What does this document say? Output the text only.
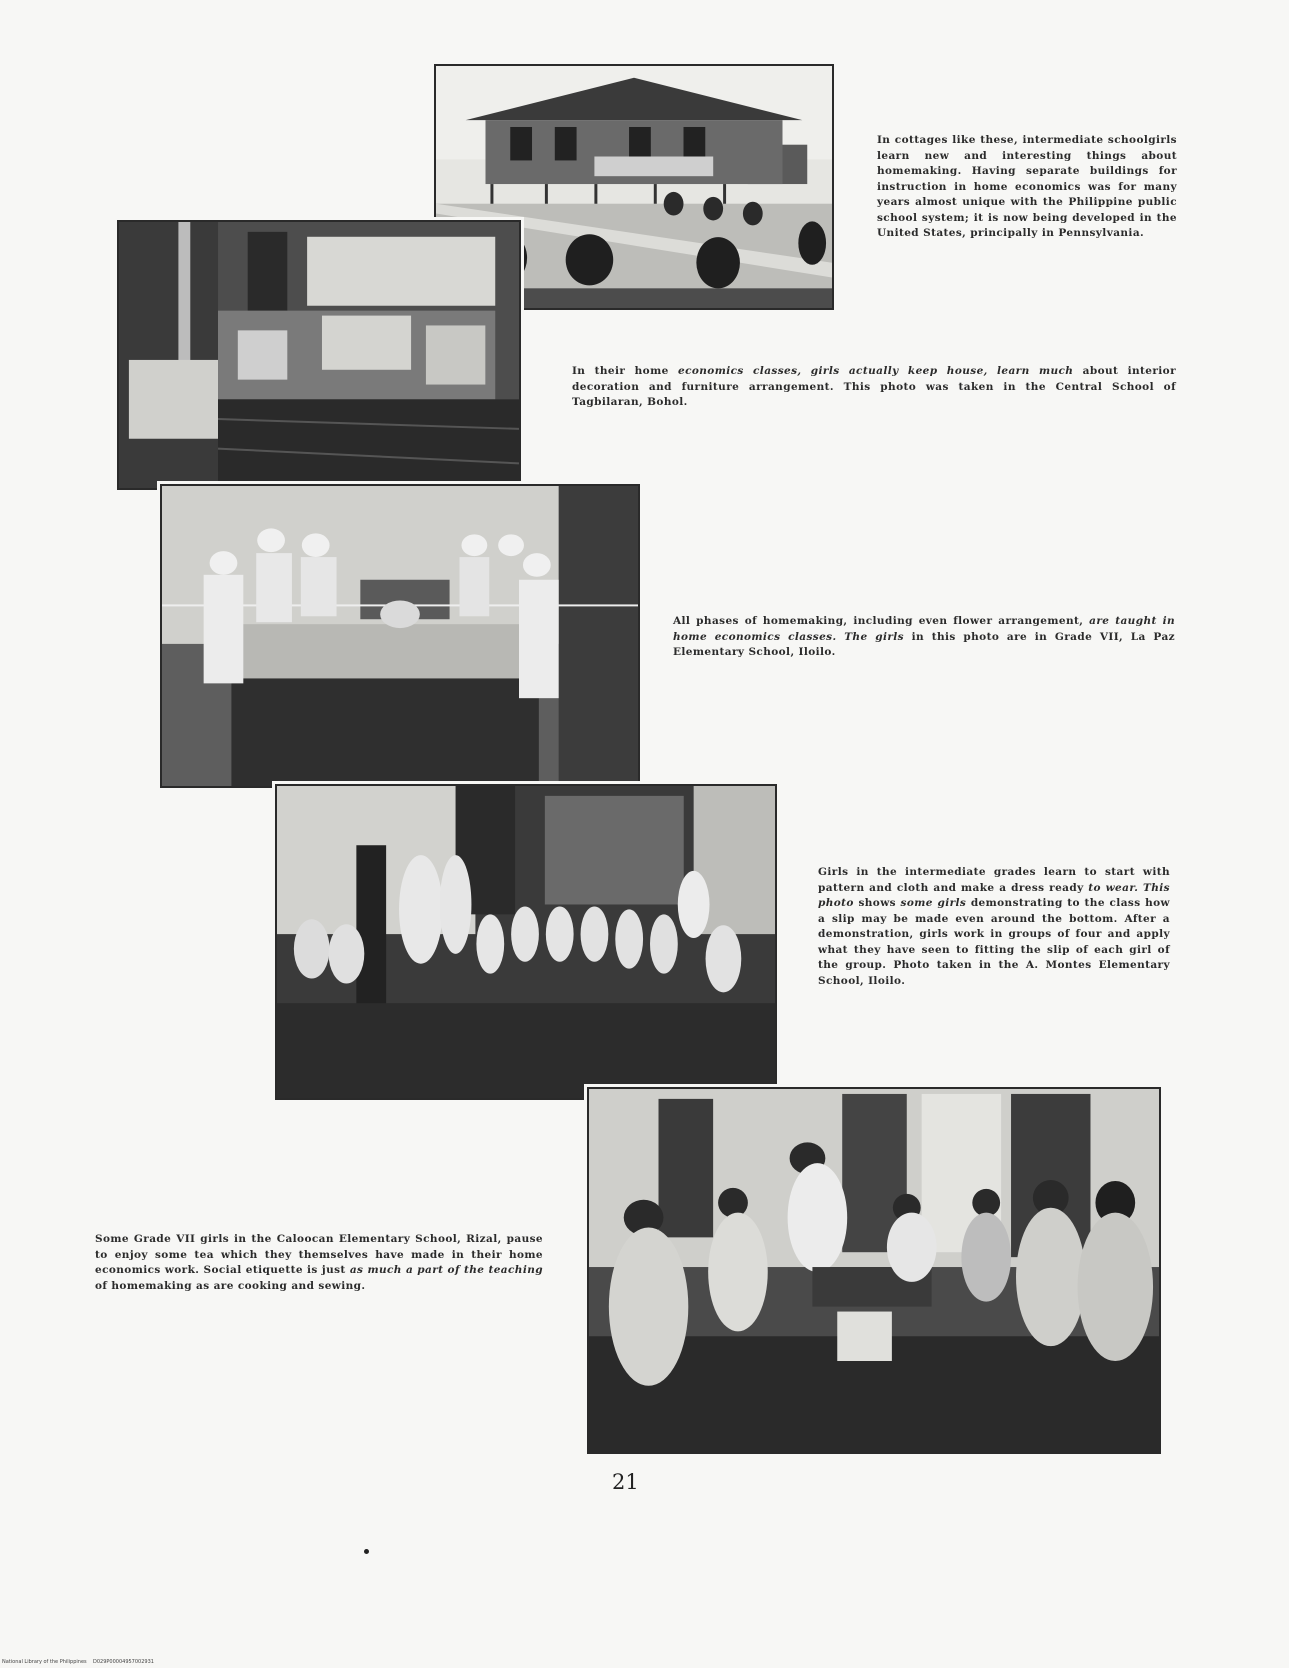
In cottages like these, intermediate schoolgirls learn new and interesting things about homemaking. Having separate buildings for instruction in home economics was for many years almost unique with the Philippine public school system; it is now being developed in the United States, principally in Pennsylvania.
In their home economics classes, girls actually keep house, learn much about interior decoration and furniture arrangement. This photo was taken in the Central School of Tagbilaran, Bohol.
All phases of homemaking, including even flower arrangement, are taught in home economics classes. The girls in this photo are in Grade VII, La Paz Elementary School, Iloilo.
Girls in the intermediate grades learn to start with pattern and cloth and make a dress ready to wear. This photo shows some girls demonstrating to the class how a slip may be made even around the bottom. After a demonstration, girls work in groups of four and apply what they have seen to fitting the slip of each girl of the group. Photo taken in the A. Montes Elementary School, Iloilo.
Some Grade VII girls in the Caloocan Elementary School, Rizal, pause to enjoy some tea which they themselves have made in their home economics work. Social etiquette is just as much a part of the teaching of homemaking as are cooking and sewing.
21
National Library of the Philippines D029P00004957002931
